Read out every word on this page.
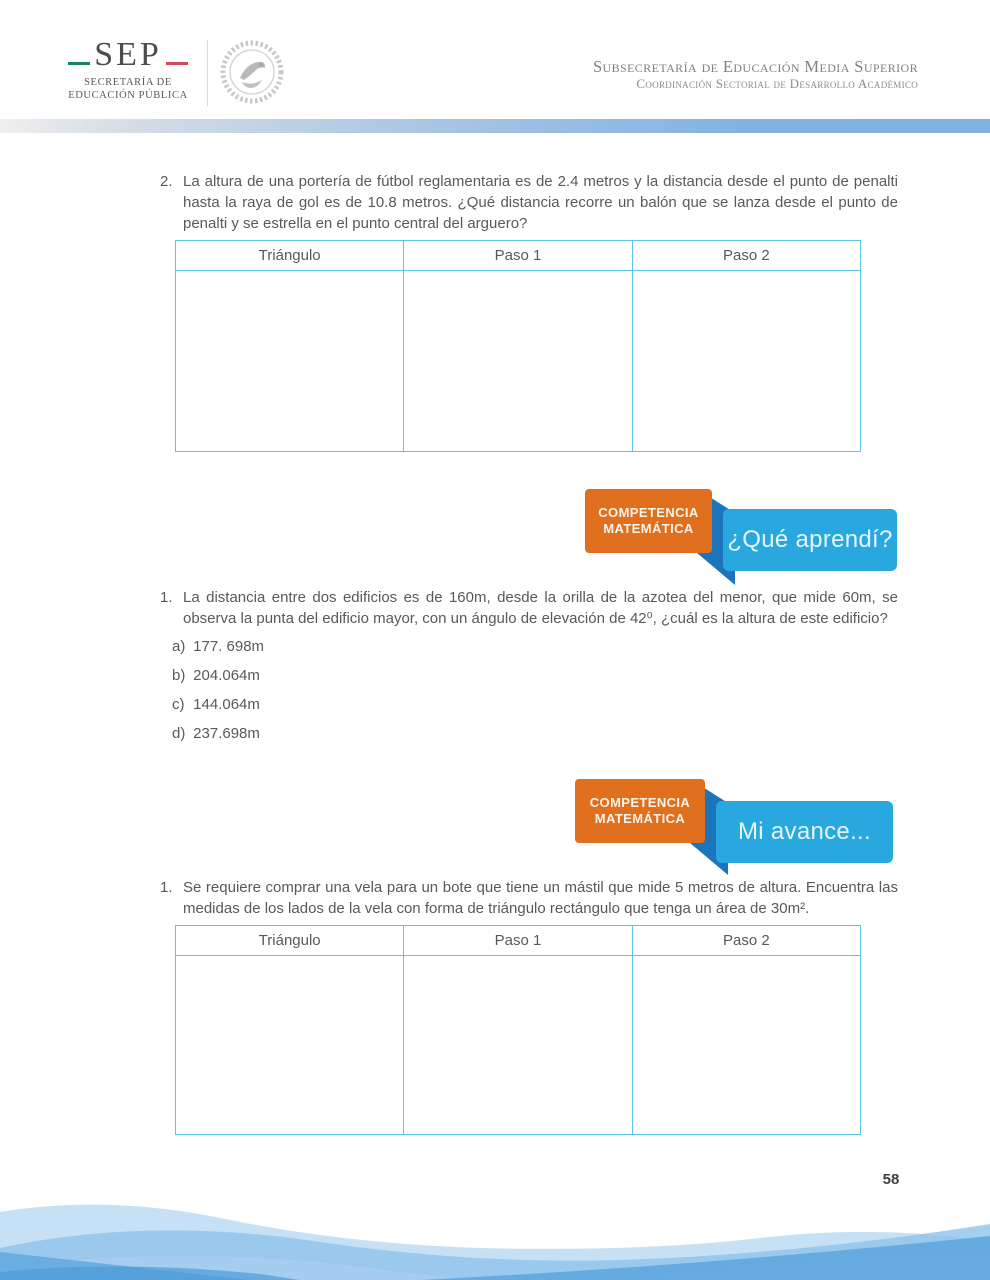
SEP
SECRETARÍA DE
EDUCACIÓN PÚBLICA
Subsecretaría de Educación Media Superior
Coordinación Sectorial de Desarrollo Académico
2. La altura de una portería de fútbol reglamentaria es de 2.4 metros y la distancia desde el punto de penalti hasta la raya de gol es de 10.8 metros. ¿Qué distancia recorre un balón que se lanza desde el punto de penalti y se estrella en el punto central del arguero?

Triángulo	Paso 1	Paso 2
COMPETENCIA
MATEMÁTICA ¿Qué aprendí?
1. La distancia entre dos edificios es de 160m, desde la orilla de la azotea del menor, que mide 60m, se observa la punta del edificio mayor, con un ángulo de elevación de 42⁰, ¿cuál es la altura de este edificio?

a) 177. 698m
b) 204.064m
c) 144.064m
d) 237.698m
COMPETENCIA
MATEMÁTICA Mi avance...
1. Se requiere comprar una vela para un bote que tiene un mástil que mide 5 metros de altura. Encuentra las medidas de los lados de la vela con forma de triángulo rectángulo que tenga un área de 30m².

Triángulo	Paso 1	Paso 2
58
